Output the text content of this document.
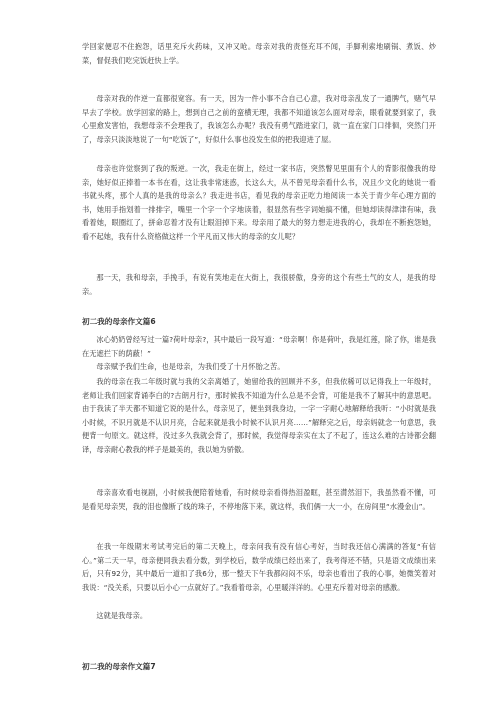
学回家便忍不住抱怨，话里充斥火药味，又冲又呛。母亲对我的责怪充耳不闻，手脚利索地刷锅、煮饭、炒菜，督促我们吃完饭赶快上学。

母亲对我的作逆一直都很宽容。有一天，因为一件小事不合自己心意，我对母亲乱发了一通脾气，赌气早早去了学校。放学回家的路上，想到自己之前的蛮横无理，我都不知道该怎么面对母亲，眼看就要到家了，我心里愈发害怕，我想母亲不会理我了，我该怎么办呢？我没有勇气踏进家门，就一直在家门口徘徊，突然门开了，母亲只淡淡地说了一句“吃饭了”，好似什么事也没发生似的把我迎进了屋。

母亲也许觉察到了我的叛逆。一次，我走在街上，经过一家书店，突然瞥见里面有个人的背影很像我的母亲，她好似正捧着一本书在看，这让我非常迷惑，长这么大，从不曾见母亲看什么书，况且少文化的她说一看书就头疼，那个人真的是我的母亲么？我走进书店，看见我的母亲正吃力地阅读一本关于青少年心理方面的书，她用手指划着一排排字，嘴里一个字一个字地读着，很显然有些字词她搞不懂，但她却读得津津有味，我看着她，眼圈红了，拼命忍着才没有让眼泪掉下来。母亲用了最大的努力想走进我的心，我却在不断抱怨她，看不起她，我有什么资格做这样一个平凡而又伟大的母亲的女儿呢？

那一天，我和母亲，手挽手，有说有笑地走在大街上，我很骄傲，身旁的这个有些土气的女人，是我的母亲。

初二我的母亲作文篇6

冰心奶奶曾经写过一篇?荷叶母亲?，其中最后一段写道：“母亲啊！你是荷叶，我是红莲，除了你，谁是我在无遮拦下的荫蔽！”

母亲赋予我们生命，也是母亲，为我们受了十月怀胎之苦。

我的母亲在我二年级时就与我的父亲离婚了，她留给我的回顾并不多，但我依稀可以记得我上一年级时，老师让我们回家背诵李白的?古朗月行?，那时候我不知道为什么总是不会背，可能是我不了解其中的意思吧。由于我读了半天都不知道它说的是什么，母亲见了，便坐到我身边，一字一字耐心地解释给我听：“小时就是我小时候，不识月就是不认识月亮，合起来就是我小时候不认识月亮……”解释完之后，母亲妈就念一句意思，我便背一句原文。就这样，没过多久我就会背了，那时候，我觉得母亲实在太了不起了，连这么难的古诗都会翻译，母亲耐心教我的样子是最美的，我以她为骄傲。

母亲喜欢看电视剧，小时候我便陪着她看，有时候母亲看得热泪盈眶，甚至潸然泪下，我虽然看不懂，可是看见母亲哭，我的泪也像断了线的珠子，不停地落下来，就这样，我们俩一大一小，在房间里“水漫金山”。

在我一年级期末考试考完后的第二天晚上，母亲问我有没有信心考好，当时我还信心满满的答复“有信心。”第二天一早，母亲便同我去看分数，到学校后，数学成绩已经出来了，我考得还不错，只是语文成绩出来后，只有92分，其中最后一道扣了我6分，那一整天下午我都闷闷不乐，母亲也看出了我的心事，她微笑着对我说：“没关系，只要以后小心一点就好了。”我看着母亲，心里暖洋洋的。心里充斥着对母亲的感激。

这就是我母亲。

初二我的母亲作文篇7
